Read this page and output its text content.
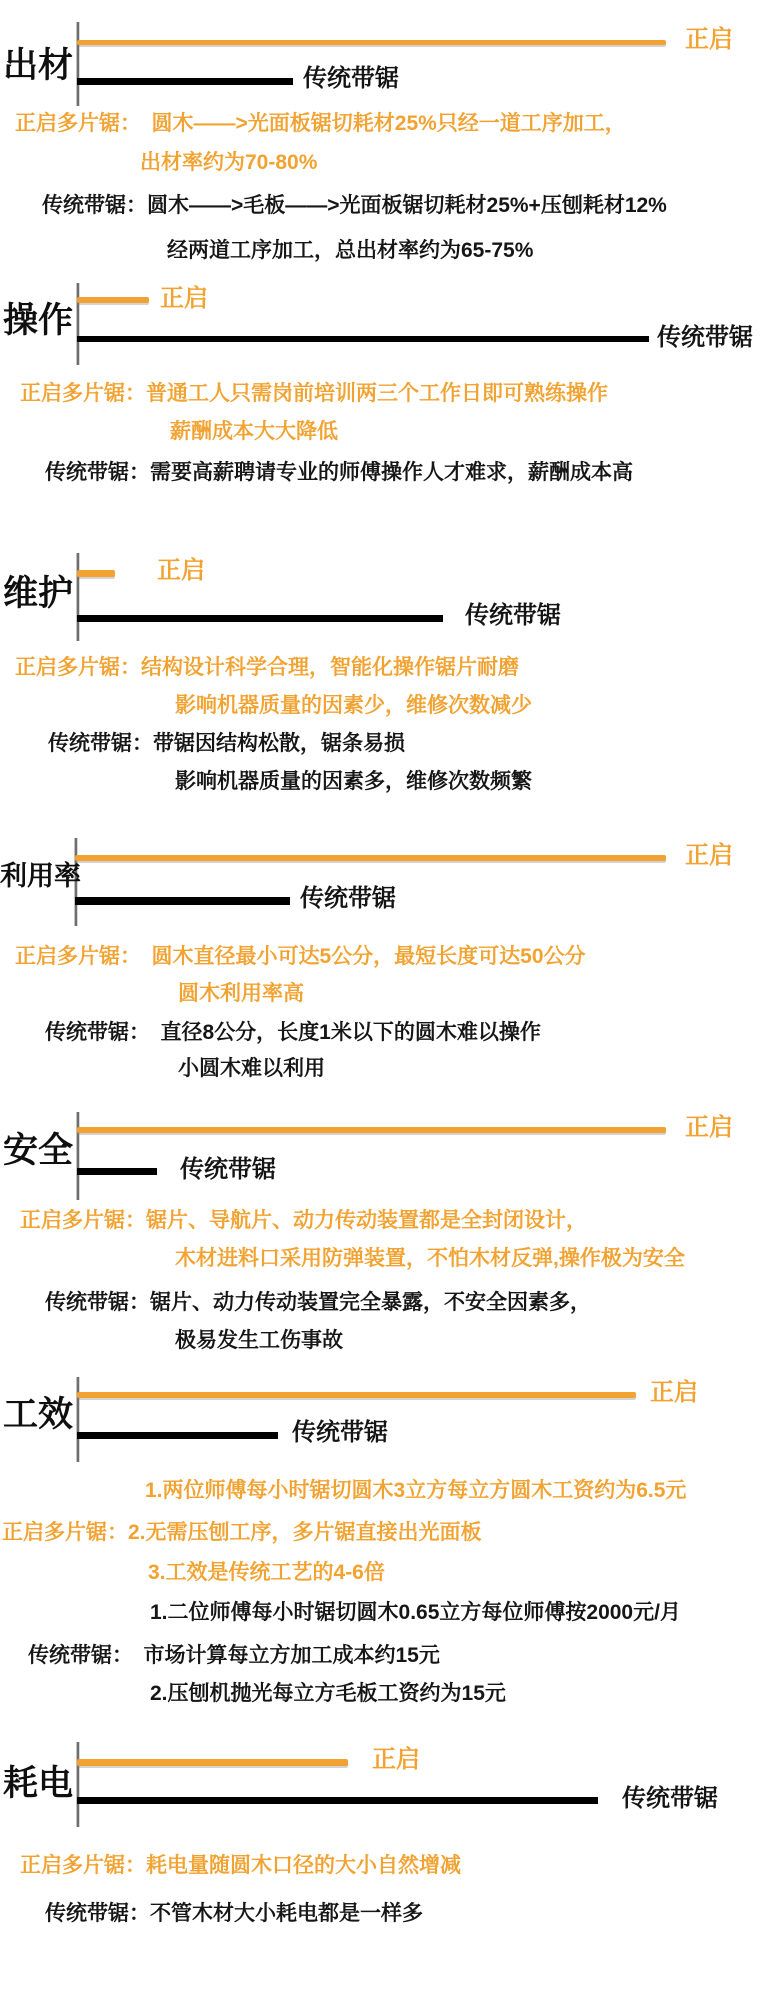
出材
正启
传统带锯
正启多片锯：　圆木——>光面板锯切耗材25%只经一道工序加工，
出材率约为70-80%
传统带锯：圆木——>毛板——>光面板锯切耗材25%+压刨耗材12%
经两道工序加工，总出材率约为65-75%
操作
正启
传统带锯
正启多片锯：普通工人只需岗前培训两三个工作日即可熟练操作
薪酬成本大大降低
传统带锯：需要高薪聘请专业的师傅操作人才难求，薪酬成本高
维护
正启
传统带锯
正启多片锯：结构设计科学合理，智能化操作锯片耐磨
影响机器质量的因素少，维修次数减少
传统带锯：带锯因结构松散，锯条易损
影响机器质量的因素多，维修次数频繁
利用率
正启
传统带锯
正启多片锯：　圆木直径最小可达5公分，最短长度可达50公分
圆木利用率高
传统带锯：　直径8公分，长度1米以下的圆木难以操作
小圆木难以利用
安全
正启
传统带锯
正启多片锯：锯片、导航片、动力传动装置都是全封闭设计，
木材进料口采用防弹装置，不怕木材反弹,操作极为安全
传统带锯：锯片、动力传动装置完全暴露，不安全因素多，
极易发生工伤事故
工效
正启
传统带锯
1.两位师傅每小时锯切圆木3立方每立方圆木工资约为6.5元
正启多片锯：2.无需压刨工序，多片锯直接出光面板
3.工效是传统工艺的4-6倍
1.二位师傅每小时锯切圆木0.65立方每位师傅按2000元/月
传统带锯：　市场计算每立方加工成本约15元
2.压刨机抛光每立方毛板工资约为15元
耗电
正启
传统带锯
正启多片锯：耗电量随圆木口径的大小自然增减
传统带锯：不管木材大小耗电都是一样多
